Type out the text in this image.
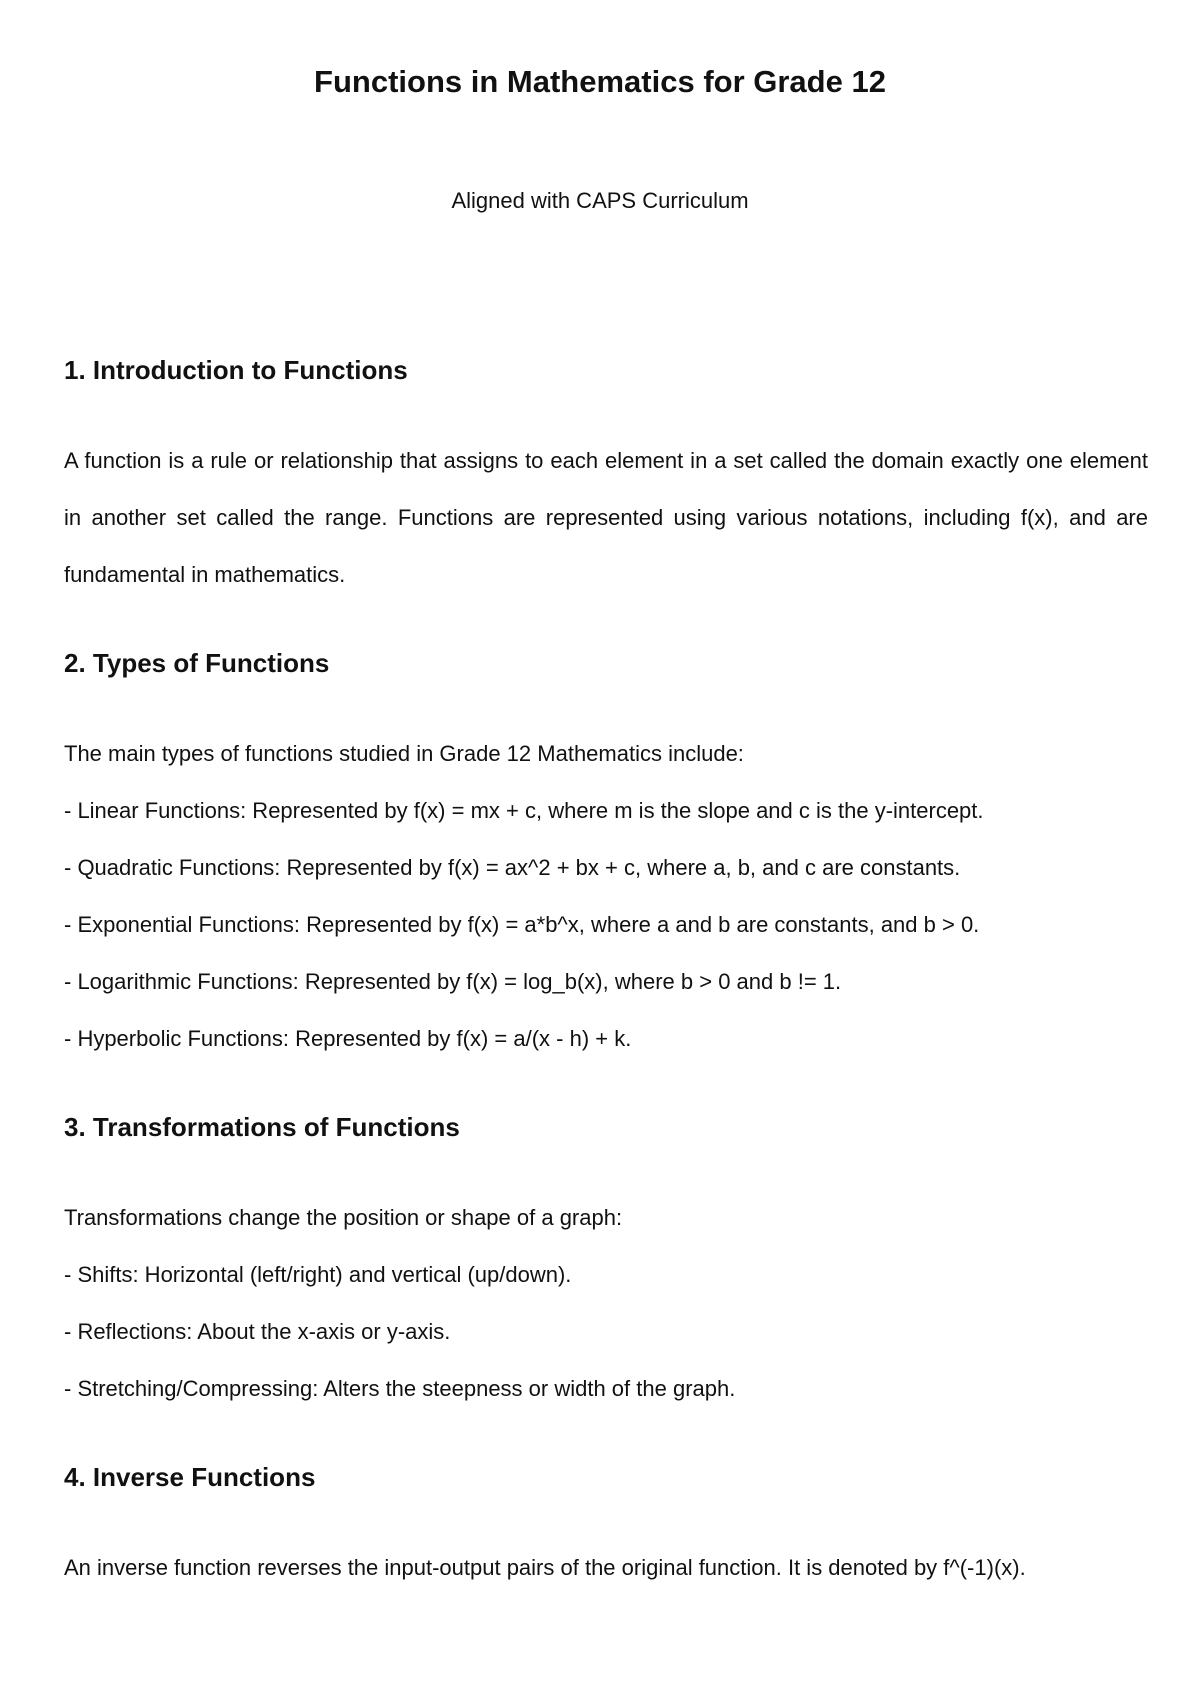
Functions in Mathematics for Grade 12

Aligned with CAPS Curriculum

1. Introduction to Functions

A function is a rule or relationship that assigns to each element in a set called the domain exactly one element in another set called the range. Functions are represented using various notations, including f(x), and are fundamental in mathematics.

2. Types of Functions

The main types of functions studied in Grade 12 Mathematics include:

- Linear Functions: Represented by f(x) = mx + c, where m is the slope and c is the y-intercept.

- Quadratic Functions: Represented by f(x) = ax^2 + bx + c, where a, b, and c are constants.

- Exponential Functions: Represented by f(x) = a*b^x, where a and b are constants, and b > 0.

- Logarithmic Functions: Represented by f(x) = log_b(x), where b > 0 and b != 1.

- Hyperbolic Functions: Represented by f(x) = a/(x - h) + k.

3. Transformations of Functions

Transformations change the position or shape of a graph:

- Shifts: Horizontal (left/right) and vertical (up/down).

- Reflections: About the x-axis or y-axis.

- Stretching/Compressing: Alters the steepness or width of the graph.

4. Inverse Functions

An inverse function reverses the input-output pairs of the original function. It is denoted by f^(-1)(x).
